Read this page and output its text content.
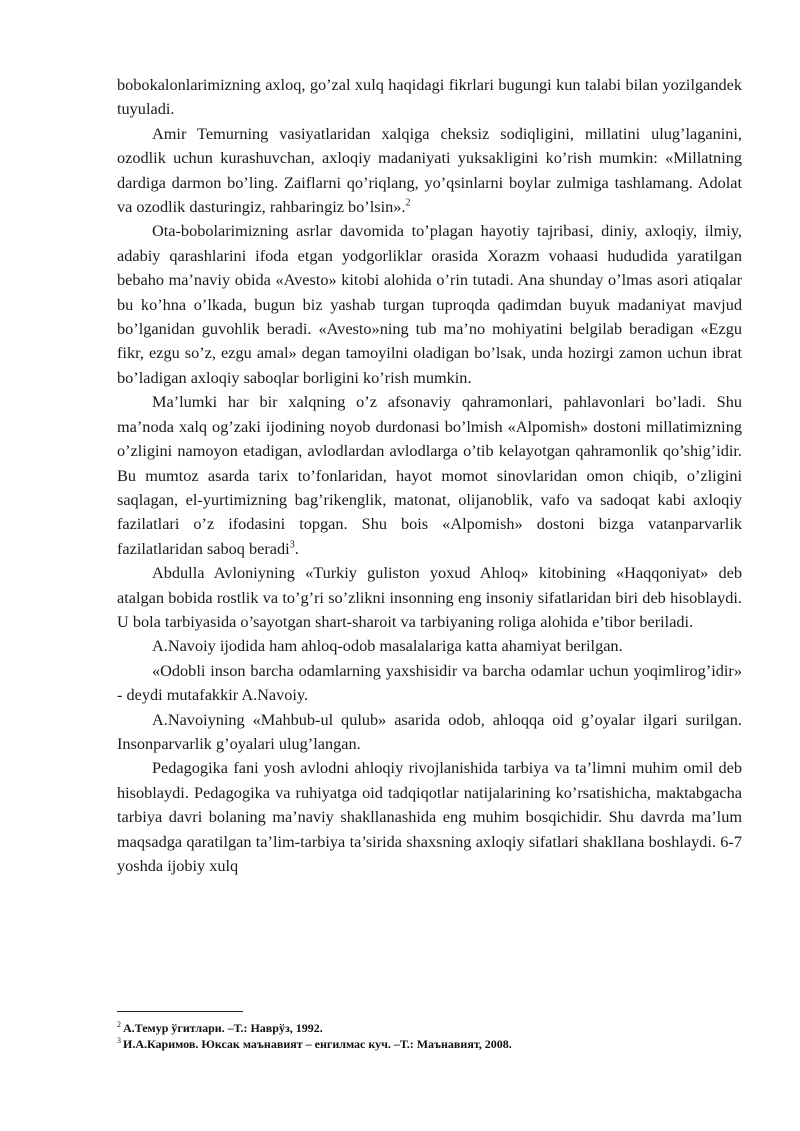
bobokalonlarimizning axloq, go’zal xulq haqidagi fikrlari bugungi kun talabi bilan yozilgandek tuyuladi.

Amir Temurning vasiyatlaridan xalqiga cheksiz sodiqligini, millatini ulug’laganini, ozodlik uchun kurashuvchan, axloqiy madaniyati yuksakligini ko’rish mumkin: «Millatning dardiga darmon bo’ling. Zaiflarni qo’riqlang, yo’qsinlarni boylar zulmiga tashlamang. Adolat va ozodlik dasturingiz, rahbaringiz bo’lsin».$^2$

Ota-bobolarimizning asrlar davomida to’plagan hayotiy tajribasi, diniy, axloqiy, ilmiy, adabiy qarashlarini ifoda etgan yodgorliklar orasida Xorazm vohaasi hududida yaratilgan bebaho ma’naviy obida «Avesto» kitobi alohida o’rin tutadi. Ana shunday o’lmas asori atiqalar bu ko’hna o’lkada, bugun biz yashab turgan tuproqda qadimdan buyuk madaniyat mavjud bo’lganidan guvohlik beradi. «Avesto»ning tub ma’no mohiyatini belgilab beradigan «Ezgu fikr, ezgu so’z, ezgu amal» degan tamoyilni oladigan bo’lsak, unda hozirgi zamon uchun ibrat bo’ladigan axloqiy saboqlar borligini ko’rish mumkin.

Ma’lumki har bir xalqning o’z afsonaviy qahramonlari, pahlavonlari bo’ladi. Shu ma’noda xalq og’zaki ijodining noyob durdonasi bo’lmish «Alpomish» dostoni millatimizning o’zligini namoyon etadigan, avlodlardan avlodlarga o’tib kelayotgan qahramonlik qo’shig’idir. Bu mumtoz asarda tarix to’fonlaridan, hayot momot sinovlaridan omon chiqib, o’zligini saqlagan, el-yurtimizning bag’rikenglik, matonat, olijanoblik, vafo va sadoqat kabi axloqiy fazilatlari o’z ifodasini topgan. Shu bois «Alpomish» dostoni bizga vatanparvarlik fazilatlaridan saboq beradi$^3$.

Abdulla Avloniyning «Turkiy guliston yoxud Ahloq» kitobining «Haqqoniyat» deb atalgan bobida rostlik va to’g’ri so’zlikni insonning eng insoniy sifatlaridan biri deb hisoblaydi. U bola tarbiyasida o’sayotgan shart-sharoit va tarbiyaning roliga alohida e’tibor beriladi.

A.Navoiy ijodida ham ahloq-odob masalalariga katta ahamiyat berilgan.

«Odobli inson barcha odamlarning yaxshisidir va barcha odamlar uchun yoqimlirog’idir» - deydi mutafakkir A.Navoiy.

A.Navoiyning «Mahbub-ul qulub» asarida odob, ahloqqa oid g’oyalar ilgari surilgan. Insonparvarlik g’oyalari ulug’langan.

Pedagogika fani yosh avlodni ahloqiy rivojlanishida tarbiya va ta’limni muhim omil deb hisoblaydi. Pedagogika va ruhiyatga oid tadqiqotlar natijalarining ko’rsatishicha, maktabgacha tarbiya davri bolaning ma’naviy shakllanashida eng muhim bosqichidir. Shu davrda ma’lum maqsadga qaratilgan ta’lim-tarbiya ta’sirida shaxsning axloqiy sifatlari shakllana boshlaydi. 6-7 yoshda ijobiy xulq

$^2$ А.Темур ўгитлари. –Т.: Наврўз, 1992.

$^3$ И.А.Каримов. Юксак маънавият – енгилмас куч. –Т.: Маънавият, 2008.
